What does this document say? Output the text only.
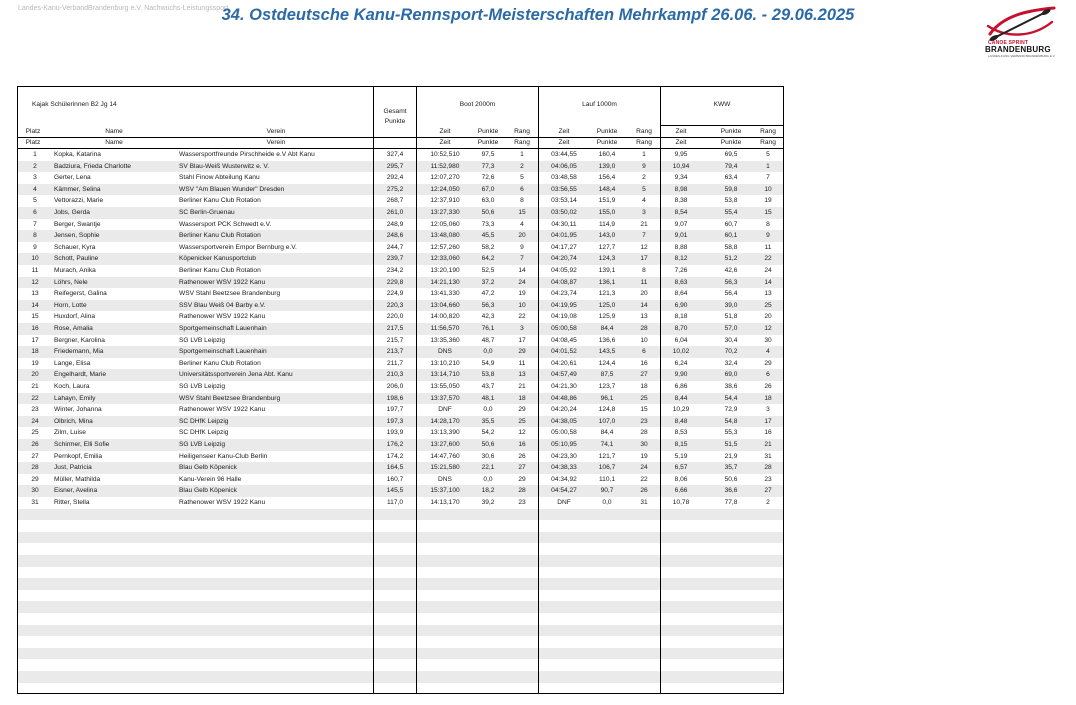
Landes-Kanu-VerbandBrandenburg e.V. Nachwuchs-Leistungssport
34. Ostdeutsche Kanu-Rennsport-Meisterschaften Mehrkampf 26.06. - 29.06.2025
CANOE SPRINT
BRANDENBURG
LANDES-KANU-VERBAND BRANDENBURG E.V.
Kajak Schülerinnen B2 Jg 14
Gesamt
Punkte
Boot 2000m	Lauf 1000m	KWW
Platz	Name	Verein	Zeit	Punkte	Rang	Zeit	Punkte	Rang	Zeit	Punkte	Rang
Platz	Name	Verein	Zeit	Punkte	Rang	Zeit	Punkte	Rang	Zeit	Punkte	Rang
1	Kopka, Katarina	Wassersportfreunde Pirschheide e.V Abt Kanu	327,4	10:52,510	97,5	1	03:44,55	160,4	1	9,95	69,5	5
2	Badziura, Frieda Charlotte	SV Blau-Weiß Wusterwitz e. V.	295,7	11:52,980	77,3	2	04:06,05	139,0	9	10,94	79,4	1
3	Gerter, Lena	Stahl Finow Abteilung Kanu	292,4	12:07,270	72,6	5	03:48,58	156,4	2	9,34	63,4	7
4	Kämmer, Selina	WSV "Am Blauen Wunder" Dresden	275,2	12:24,050	67,0	6	03:56,55	148,4	5	8,98	59,8	10
5	Vettorazzi, Marie	Berliner Kanu Club Rotation	268,7	12:37,910	63,0	8	03:53,14	151,9	4	8,38	53,8	19
6	Jobs, Gerda	SC Berlin-Gruenau	261,0	13:27,330	50,6	15	03:50,02	155,0	3	8,54	55,4	15
7	Berger, Swantje	Wassersport PCK Schwedt e.V.	248,9	12:05,060	73,3	4	04:30,11	114,9	21	9,07	60,7	8
8	Jensen, Sophie	Berliner Kanu Club Rotation	248,6	13:48,080	45,5	20	04:01,95	143,0	7	9,01	60,1	9
9	Schauer, Kyra	Wassersportverein Empor Bernburg e.V.	244,7	12:57,260	58,2	9	04:17,27	127,7	12	8,88	58,8	11
10	Schott, Pauline	Köpenicker Kanusportclub	239,7	12:33,060	64,2	7	04:20,74	124,3	17	8,12	51,2	22
11	Murach, Anika	Berliner Kanu Club Rotation	234,2	13:20,190	52,5	14	04:05,92	139,1	8	7,26	42,6	24
12	Löhrs, Nele	Rathenower WSV 1922 Kanu	229,8	14:21,130	37,2	24	04:08,87	136,1	11	8,63	56,3	14
13	Reifegerst, Galina	WSV Stahl Beetzsee Brandenburg	224,9	13:41,330	47,2	19	04:23,74	121,3	20	8,64	56,4	13
14	Horn, Lotte	SSV Blau Weiß 04 Barby e.V.	220,3	13:04,660	56,3	10	04:19,95	125,0	14	6,90	39,0	25
15	Huxdorf, Alina	Rathenower WSV 1922 Kanu	220,0	14:00,820	42,3	22	04:19,08	125,9	13	8,18	51,8	20
16	Rose, Amalia	Sportgemeinschaft Lauenhain	217,5	11:56,570	76,1	3	05:00,58	84,4	28	8,70	57,0	12
17	Bergner, Karolina	SG LVB Leipzig	215,7	13:35,360	48,7	17	04:08,45	136,6	10	6,04	30,4	30
18	Friedemann, Mia	Sportgemeinschaft Lauenhain	213,7	DNS	0,0	29	04:01,52	143,5	6	10,02	70,2	4
19	Lange, Elisa	Berliner Kanu Club Rotation	211,7	13:10,210	54,9	11	04:20,61	124,4	16	6,24	32,4	29
20	Engelhardt, Marie	Universitätssportverein Jena Abt. Kanu	210,3	13:14,710	53,8	13	04:57,49	87,5	27	9,90	69,0	6
21	Koch, Laura	SG LVB Leipzig	206,0	13:55,050	43,7	21	04:21,30	123,7	18	6,86	38,6	26
22	Lahayn, Emily	WSV Stahl Beetzsee Brandenburg	198,6	13:37,570	48,1	18	04:48,86	96,1	25	8,44	54,4	18
23	Winter, Johanna	Rathenower WSV 1922 Kanu	197,7	DNF	0,0	29	04:20,24	124,8	15	10,29	72,9	3
24	Olbrich, Mina	SC DHfK Leipzig	197,3	14:28,170	35,5	25	04:38,05	107,0	23	8,48	54,8	17
25	Zilm, Luise	SC DHfK Leipzig	193,9	13:13,390	54,2	12	05:00,58	84,4	28	8,53	55,3	16
26	Schirmer, Elli Sofie	SG LVB Leipzig	176,2	13:27,600	50,6	16	05:10,95	74,1	30	8,15	51,5	21
27	Pernkopf, Emilia	Heiligenseer Kanu-Club Berlin	174,2	14:47,760	30,6	26	04:23,30	121,7	19	5,19	21,9	31
28	Just, Patricia	Blau Gelb Köpenick	164,5	15:21,580	22,1	27	04:38,33	106,7	24	6,57	35,7	28
29	Müller, Mathilda	Kanu-Verein 96 Halle	160,7	DNS	0,0	29	04:34,92	110,1	22	8,06	50,6	23
30	Eisner, Avelina	Blau Gelb Köpenick	145,5	15:37,100	18,2	28	04:54,27	90,7	26	6,66	36,6	27
31	Ritter, Stella	Rathenower WSV 1922 Kanu	117,0	14:13,170	39,2	23	DNF	0,0	31	10,78	77,8	2
